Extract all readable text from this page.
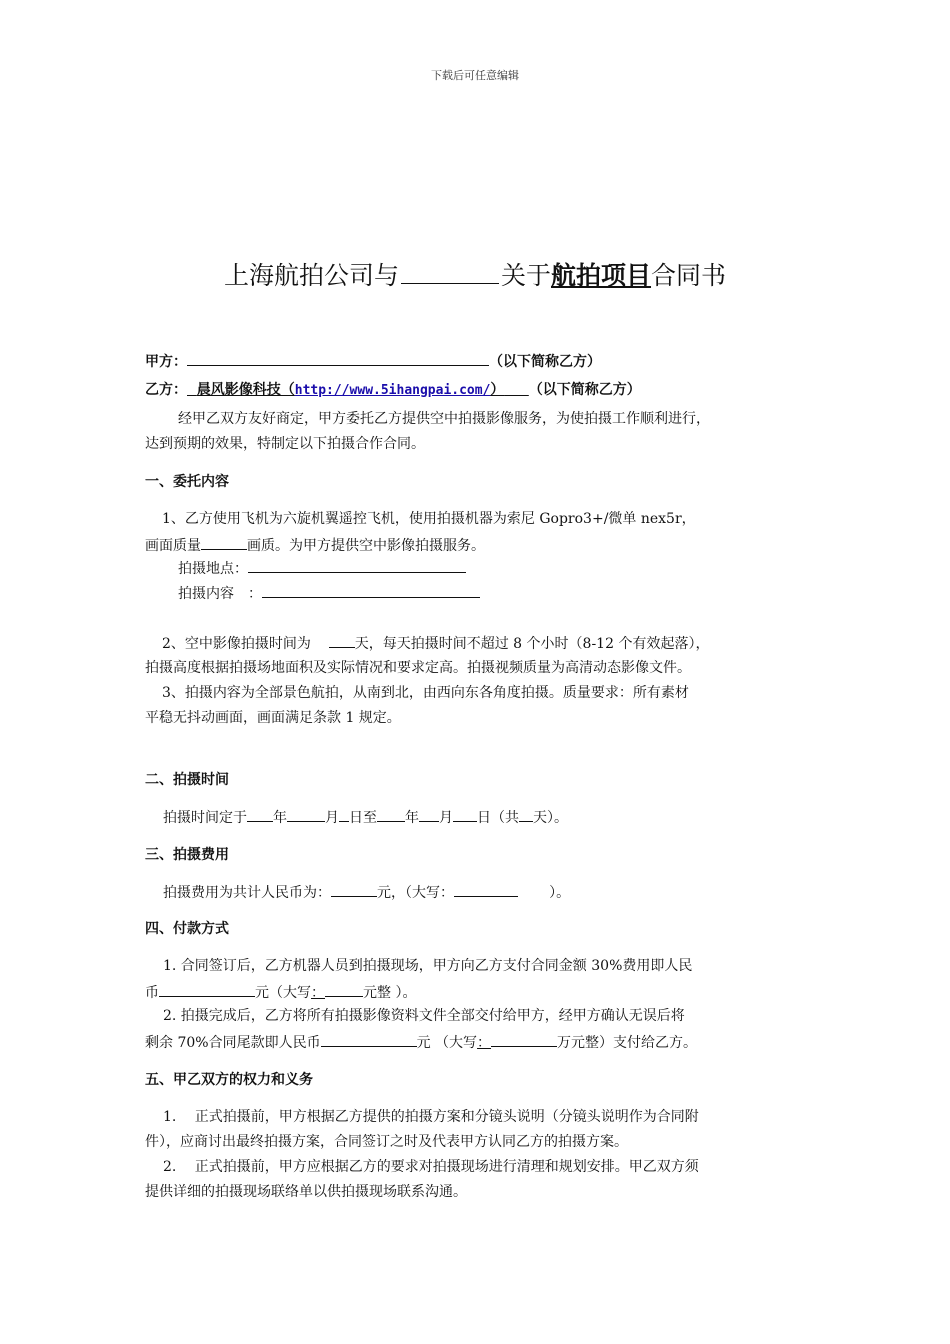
下载后可任意编辑
上海航拍公司与	关于航拍项目合同书
甲方：	（以下简称乙方）
乙方： 晨风影像科技（http://www.5ihangpai.com/） （以下简称乙方）
经甲乙双方友好商定，甲方委托乙方提供空中拍摄影像服务，为使拍摄工作顺利进行，
达到预期的效果，特制定以下拍摄合作合同。
一、委托内容
1、乙方使用飞机为六旋机翼遥控飞机，使用拍摄机器为索尼 Gopro3+/微单 nex5r，
画面质量	画质。为甲方提供空中影像拍摄服务。
拍摄地点：
拍摄内容　：
2、空中影像拍摄时间为	天，每天拍摄时间不超过 8 个小时（8-12 个有效起落），
拍摄高度根据拍摄场地面积及实际情况和要求定高。拍摄视频质量为高清动态影像文件。
3、拍摄内容为全部景色航拍，从南到北，由西向东各角度拍摄。质量要求：所有素材
平稳无抖动画面，画面满足条款 1 规定。
二、拍摄时间
拍摄时间定于 年	月 日至 年 月 日（共 天）。
三、拍摄费用
拍摄费用为共计人民币为：	元，（大写：	）。
四、付款方式
1. 合同签订后，乙方机器人员到拍摄现场，甲方向乙方支付合同金额 30%费用即人民
币	元（大写：	元整 ）。
2. 拍摄完成后，乙方将所有拍摄影像资料文件全部交付给甲方，经甲方确认无误后将
剩余 70%合同尾款即人民币	元 （大写：	万元整）支付给乙方。
五、甲乙双方的权力和义务
1.　 正式拍摄前，甲方根据乙方提供的拍摄方案和分镜头说明（分镜头说明作为合同附
件），应商讨出最终拍摄方案，合同签订之时及代表甲方认同乙方的拍摄方案。
2.　 正式拍摄前，甲方应根据乙方的要求对拍摄现场进行清理和规划安排。甲乙双方须
提供详细的拍摄现场联络单以供拍摄现场联系沟通。
